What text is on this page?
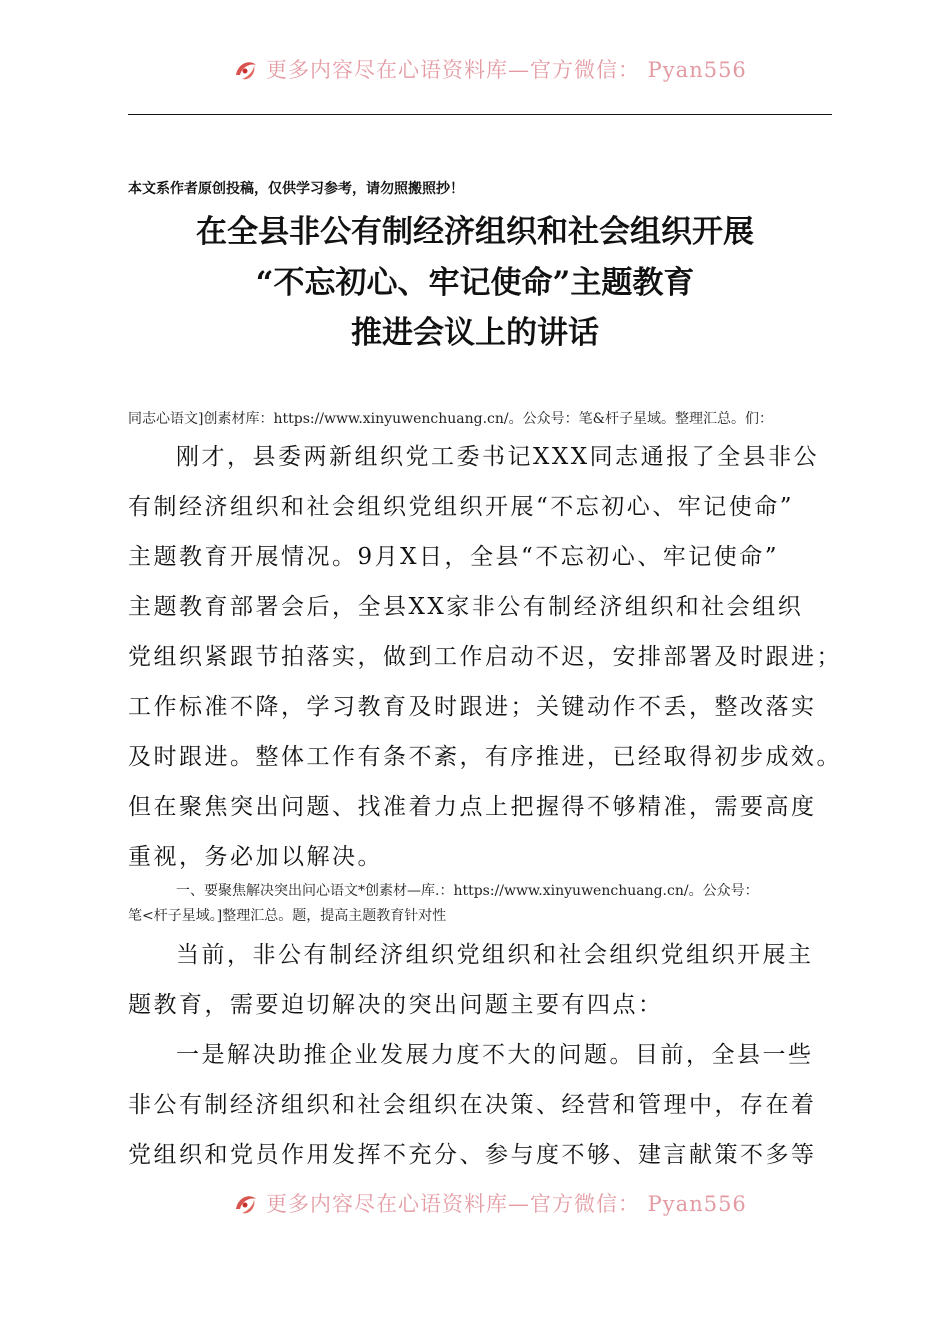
更多内容尽在心语资料库—官方微信： Pyan556
本文系作者原创投稿，仅供学习参考，请勿照搬照抄！
在全县非公有制经济组织和社会组织开展
“不忘初心、牢记使命”主题教育
推进会议上的讲话
同志心语文]创素材库：https://www.xinyuwenchuang.cn/。公众号：笔&杆子星域。整理汇总。们：
刚才，县委两新组织党工委书记XXX同志通报了全县非公
有制经济组织和社会组织党组织开展“不忘初心、牢记使命”
主题教育开展情况。9月X日，全县“不忘初心、牢记使命”
主题教育部署会后，全县XX家非公有制经济组织和社会组织
党组织紧跟节拍落实，做到工作启动不迟，安排部署及时跟进；
工作标准不降，学习教育及时跟进；关键动作不丢，整改落实
及时跟进。整体工作有条不紊，有序推进，已经取得初步成效。
但在聚焦突出问题、找准着力点上把握得不够精准，需要高度
重视，务必加以解决。
一、要聚焦解决突出问心语文*创素材—库.：https://www.xinyuwenchuang.cn/。公众号：
笔<杆子星域。]整理汇总。题，提高主题教育针对性
当前，非公有制经济组织党组织和社会组织党组织开展主
题教育，需要迫切解决的突出问题主要有四点：
一是解决助推企业发展力度不大的问题。目前，全县一些
非公有制经济组织和社会组织在决策、经营和管理中，存在着
党组织和党员作用发挥不充分、参与度不够、建言献策不多等
更多内容尽在心语资料库—官方微信： Pyan556
